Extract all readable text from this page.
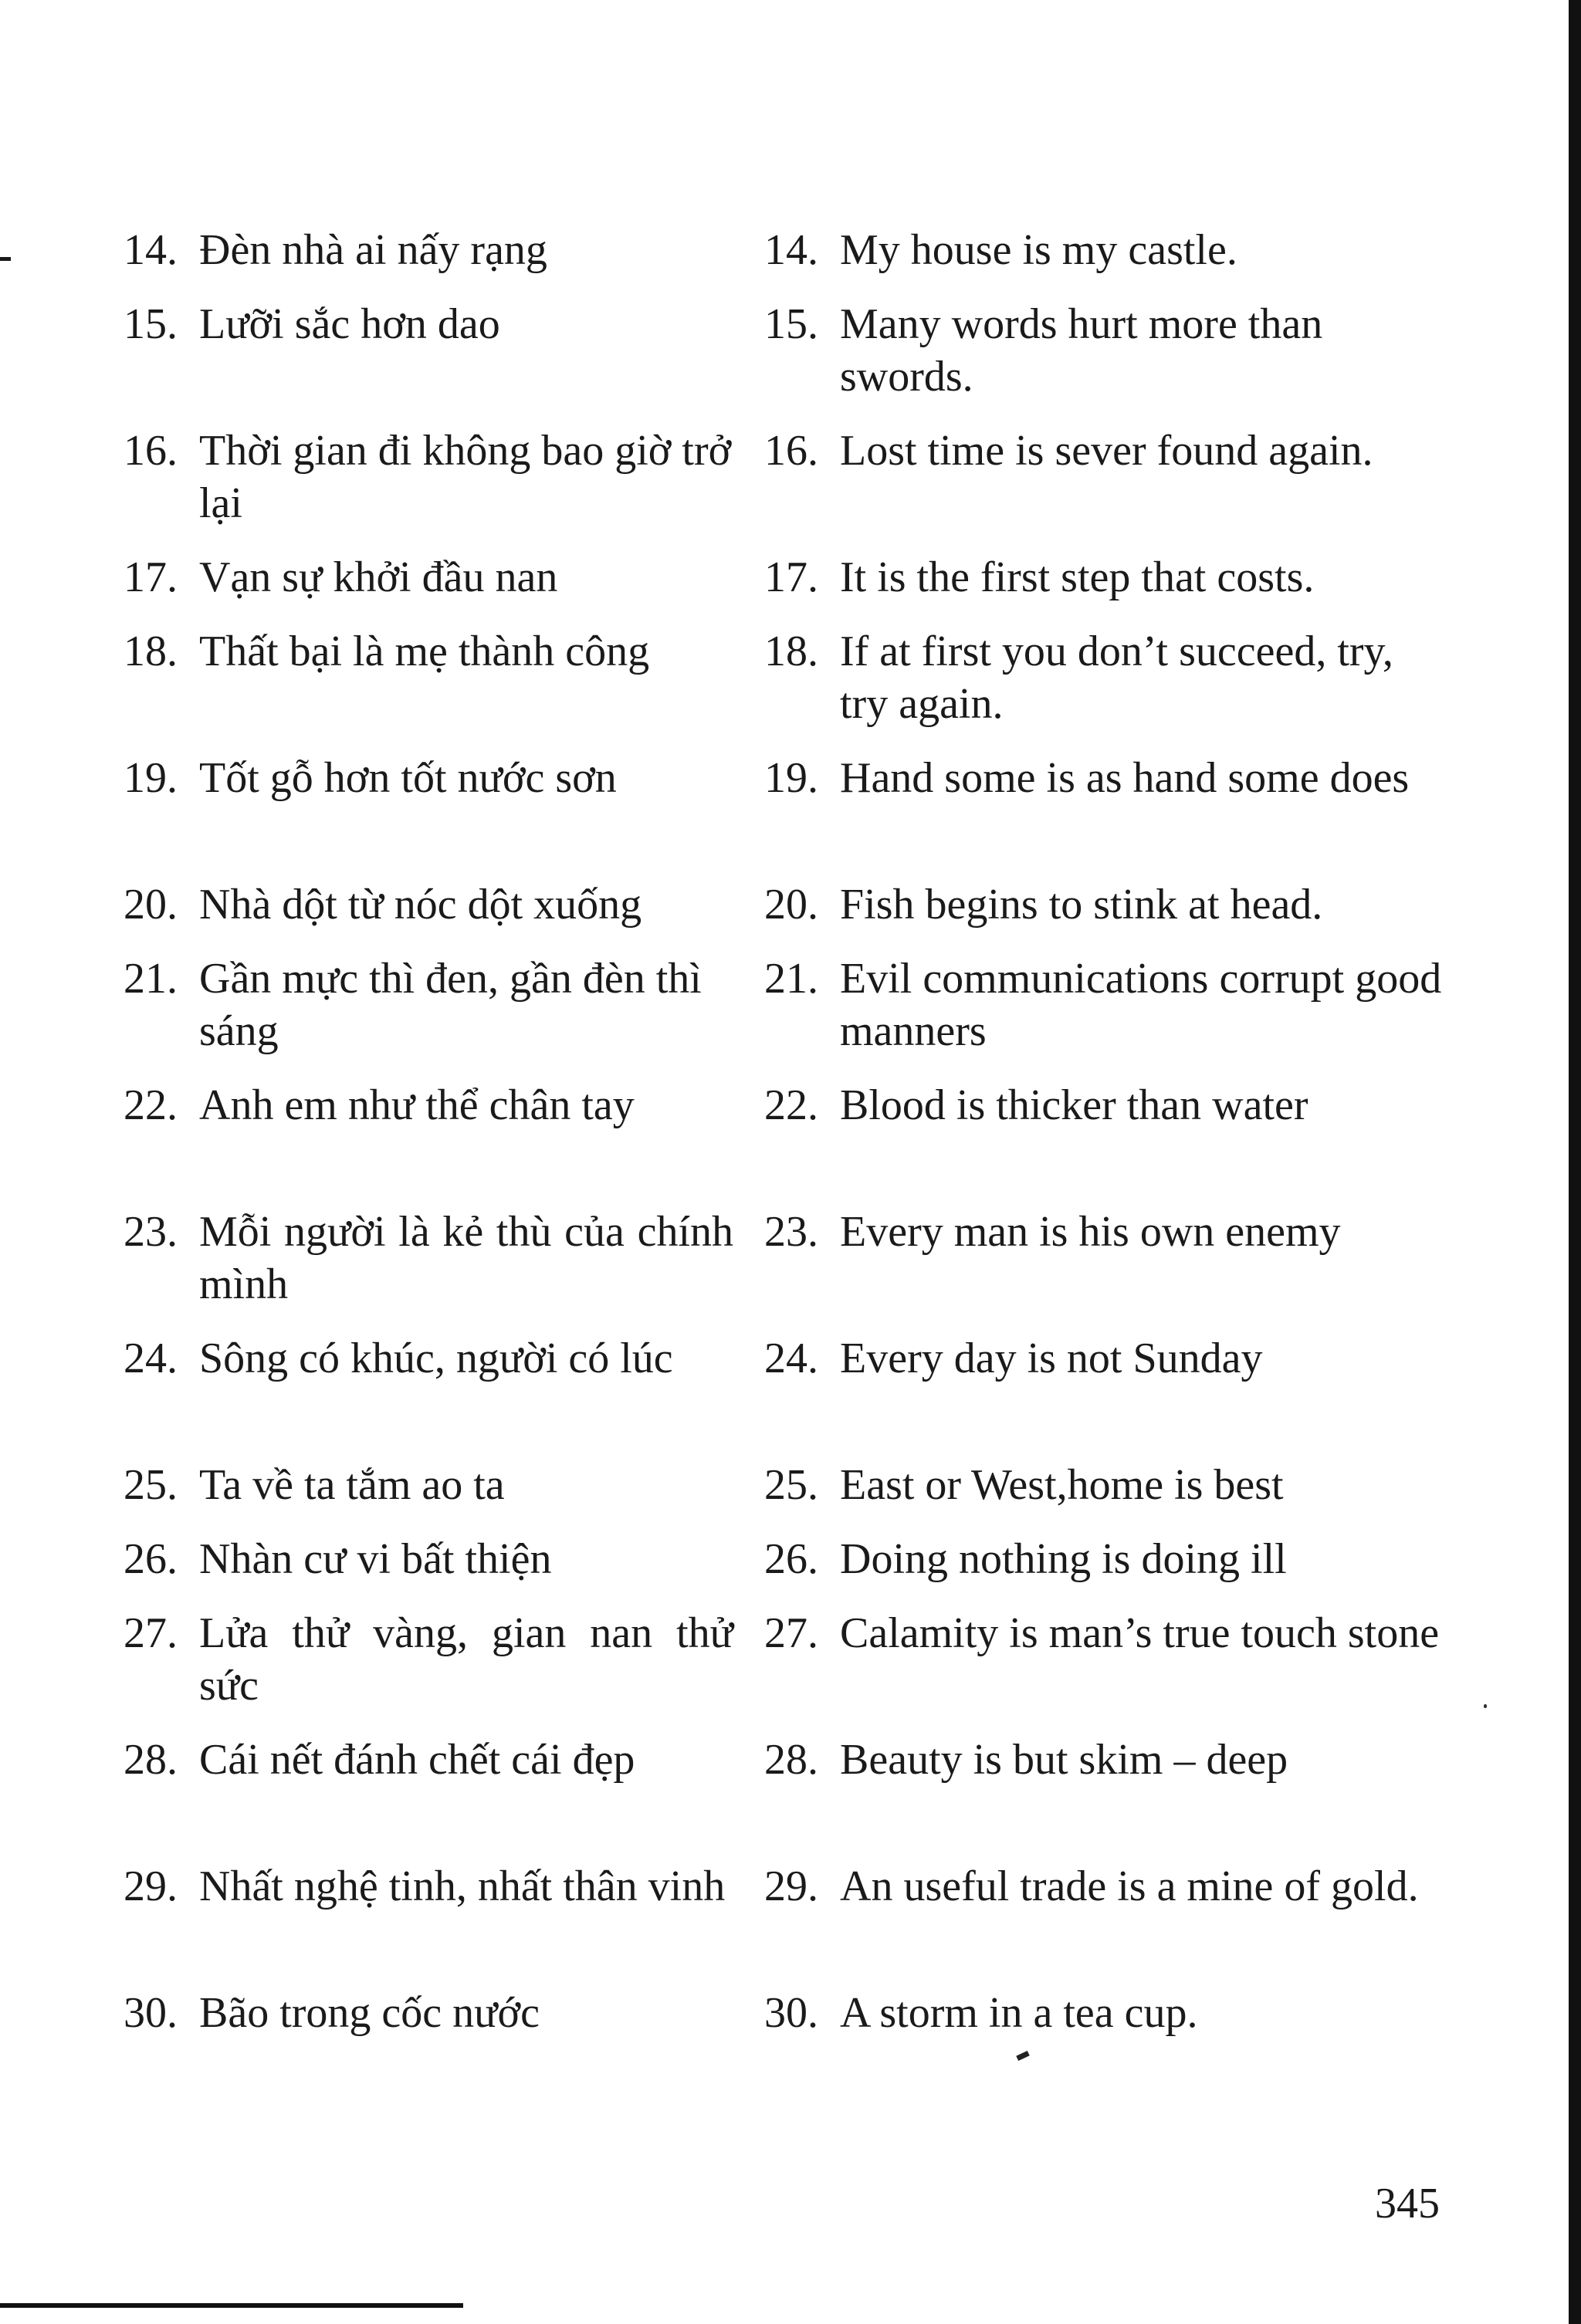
14. Đèn nhà ai nấy rạng	14. My house is my castle.
15. Lưỡi sắc hơn dao	15. Many words hurt more than swords.
16. Thời gian đi không bao giờ trở lại
16. Lost time is sever found again.
17. Vạn sự khởi đầu nan	17. It is the first step that costs.
18. Thất bại là mẹ thành công	18. If at first you don’t succeed, try, try again.
19. Tốt gỗ hơn tốt nước sơn	19. Hand some is as hand some does
20. Nhà dột từ nóc dột xuống	20. Fish begins to stink at head.
21. Gần mực thì đen, gần đèn thì sáng
21. Evil communications corrupt good manners
22. Anh em như thể chân tay	22. Blood is thicker than water
23. Mỗi người là kẻ thù của chính mình
23. Every man is his own enemy
24. Sông có khúc, người có lúc	24. Every day is not Sunday
25. Ta về ta tắm ao ta	25. East or West,home is best
26. Nhàn cư vi bất thiện	26. Doing nothing is doing ill
27. Lửa thử vàng, gian nan thử sức
27. Calamity is man’s true touch stone
28. Cái nết đánh chết cái đẹp	28. Beauty is but skim – deep
29. Nhất nghệ tinh, nhất thân vinh 29. An useful trade is a mine of gold.
30. Bão trong cốc nước	30. A storm in a tea cup.
345
